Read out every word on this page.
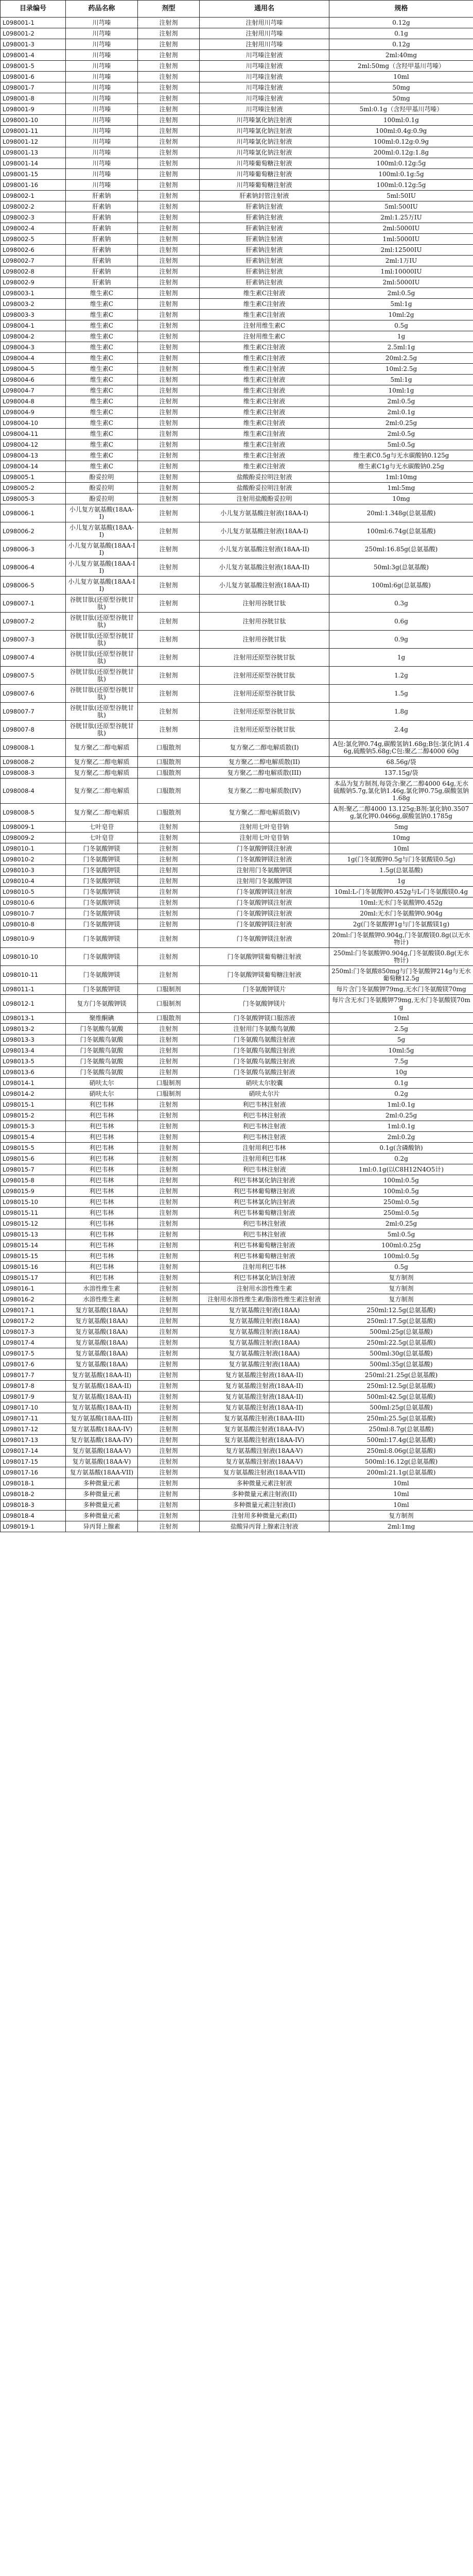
目录编号	药品名称	剂型	通用名	规格
L098001-1	川芎嗪	注射剂	注射用川芎嗪	0.12g
L098001-2	川芎嗪	注射剂	注射用川芎嗪	0.1g
L098001-3	川芎嗪	注射剂	注射用川芎嗪	0.12g
L098001-4	川芎嗪	注射剂	川芎嗪注射液	2ml:40mg
L098001-5	川芎嗪	注射剂	川芎嗪注射液	2ml:50mg（含羟甲基川芎嗪）
L098001-6	川芎嗪	注射剂	川芎嗪注射液	10ml
L098001-7	川芎嗪	注射剂	川芎嗪注射液	50mg
L098001-8	川芎嗪	注射剂	川芎嗪注射液	50mg
L098001-9	川芎嗪	注射剂	川芎嗪注射液	5ml:0.1g（含羟甲基川芎嗪）
L098001-10	川芎嗪	注射剂	川芎嗪氯化钠注射液	100ml:0.1g
L098001-11	川芎嗪	注射剂	川芎嗪氯化钠注射液	100ml:0.4g:0.9g
L098001-12	川芎嗪	注射剂	川芎嗪氯化钠注射液	100ml:0.12g:0.9g
L098001-13	川芎嗪	注射剂	川芎嗪氯化钠注射液	200ml:0.12g:1.8g
L098001-14	川芎嗪	注射剂	川芎嗪葡萄糖注射液	100ml:0.12g:5g
L098001-15	川芎嗪	注射剂	川芎嗪葡萄糖注射液	100ml:0.1g:5g
L098001-16	川芎嗪	注射剂	川芎嗪葡萄糖注射液	100ml:0.12g:5g
L098002-1	肝素钠	注射剂	肝素钠封管注射液	5ml:50IU
L098002-2	肝素钠	注射剂	肝素钠注射液	5ml:500IU
L098002-3	肝素钠	注射剂	肝素钠注射液	2ml:1.25万IU
L098002-4	肝素钠	注射剂	肝素钠注射液	2ml:5000IU
L098002-5	肝素钠	注射剂	肝素钠注射液	1ml:5000IU
L098002-6	肝素钠	注射剂	肝素钠注射液	2ml:12500IU
L098002-7	肝素钠	注射剂	肝素钠注射液	2ml:1万IU
L098002-8	肝素钠	注射剂	肝素钠注射液	1ml:10000IU
L098002-9	肝素钠	注射剂	肝素钠注射液	2ml:5000IU
L098003-1	维生素C	注射剂	维生素C注射液	2ml:0.5g
L098003-2	维生素C	注射剂	维生素C注射液	5ml:1g
L098003-3	维生素C	注射剂	维生素C注射液	10ml:2g
L098004-1	维生素C	注射剂	注射用维生素C	0.5g
L098004-2	维生素C	注射剂	注射用维生素C	1g
L098004-3	维生素C	注射剂	维生素C注射液	2.5ml:1g
L098004-4	维生素C	注射剂	维生素C注射液	20ml:2.5g
L098004-5	维生素C	注射剂	维生素C注射液	10ml:2.5g
L098004-6	维生素C	注射剂	维生素C注射液	5ml:1g
L098004-7	维生素C	注射剂	维生素C注射液	10ml:1g
L098004-8	维生素C	注射剂	维生素C注射液	2ml:0.5g
L098004-9	维生素C	注射剂	维生素C注射液	2ml:0.1g
L098004-10	维生素C	注射剂	维生素C注射液	2ml:0.25g
L098004-11	维生素C	注射剂	维生素C注射液	2ml:0.5g
L098004-12	维生素C	注射剂	维生素C注射液	5ml:0.5g
L098004-13	维生素C	注射剂	维生素C注射液	维生素C0.5g与无水碳酸钠0.125g
L098004-14	维生素C	注射剂	维生素C注射液	维生素C1g与无水碳酸钠0.25g
L098005-1	酚妥拉明	注射剂	盐酸酚妥拉明注射液	1ml:10mg
L098005-2	酚妥拉明	注射剂	盐酸酚妥拉明注射液	1ml:5mg
L098005-3	酚妥拉明	注射剂	注射用盐酸酚妥拉明	10mg
L098006-1	小儿复方氨基酸(18AA-I)	注射剂	小儿复方氨基酸注射液(18AA-I)	20ml:1.348g(总氨基酸)
L098006-2	小儿复方氨基酸(18AA-I)	注射剂	小儿复方氨基酸注射液(18AA-I)	100ml:6.74g(总氨基酸)
L098006-3	小儿复方氨基酸(18AA-II)	注射剂	小儿复方氨基酸注射液(18AA-II)	250ml:16.85g(总氨基酸)
L098006-4	小儿复方氨基酸(18AA-II)	注射剂	小儿复方氨基酸注射液(18AA-II)	50ml:3g(总氨基酸)
L098006-5	小儿复方氨基酸(18AA-II)	注射剂	小儿复方氨基酸注射液(18AA-II)	100ml:6g(总氨基酸)
L098007-1	谷胱甘肽(还原型谷胱甘肽)	注射剂	注射用谷胱甘肽	0.3g
L098007-2	谷胱甘肽(还原型谷胱甘肽)	注射剂	注射用谷胱甘肽	0.6g
L098007-3	谷胱甘肽(还原型谷胱甘肽)	注射剂	注射用谷胱甘肽	0.9g
L098007-4	谷胱甘肽(还原型谷胱甘肽)	注射剂	注射用还原型谷胱甘肽	1g
L098007-5	谷胱甘肽(还原型谷胱甘肽)	注射剂	注射用还原型谷胱甘肽	1.2g
L098007-6	谷胱甘肽(还原型谷胱甘肽)	注射剂	注射用还原型谷胱甘肽	1.5g
L098007-7	谷胱甘肽(还原型谷胱甘肽)	注射剂	注射用还原型谷胱甘肽	1.8g
L098007-8	谷胱甘肽(还原型谷胱甘肽)	注射剂	注射用还原型谷胱甘肽	2.4g
L098008-1	复方聚乙二醇电解质	口服散剂	复方聚乙二醇电解质散(I)	A包:氯化钾0.74g,碳酸氢钠1.68g;B包:氯化钠1.46g,硫酸钠5.68g;C包:聚乙二醇4000 60g
L098008-2	复方聚乙二醇电解质	口服散剂	复方聚乙二醇电解质散(II)	68.56g/袋
L098008-3	复方聚乙二醇电解质	口服散剂	复方聚乙二醇电解质散(III)	137.15g/袋
L098008-4	复方聚乙二醇电解质	口服散剂	复方聚乙二醇电解质散(IV)	本品为复方制剂,每袋含:聚乙二醇4000 64g,无水硫酸钠5.7g,氯化钠1.46g,氯化钾0.75g,碳酸氢钠1.68g
L098008-5	复方聚乙二醇电解质	口服散剂	复方聚乙二醇电解质散(V)	A剂:聚乙二醇4000 13.125g;B剂:氯化钠0.3507g,氯化钾0.0466g,碳酸氢钠0.1785g
L098009-1	七叶皂苷	注射剂	注射用七叶皂苷钠	5mg
L098009-2	七叶皂苷	注射剂	注射用七叶皂苷钠	10mg
L098010-1	门冬氨酸钾镁	注射剂	门冬氨酸钾镁注射液	10ml
L098010-2	门冬氨酸钾镁	注射剂	门冬氨酸钾镁注射液	1g(门冬氨酸钾0.5g与门冬氨酸镁0.5g)
L098010-3	门冬氨酸钾镁	注射剂	注射用门冬氨酸钾镁	1.5g(总氨基酸)
L098010-4	门冬氨酸钾镁	注射剂	注射用门冬氨酸钾镁	1g
L098010-5	门冬氨酸钾镁	注射剂	门冬氨酸钾镁注射液	10ml:L-门冬氨酸钾0.452g与L-门冬氨酸镁0.4g
L098010-6	门冬氨酸钾镁	注射剂	门冬氨酸钾镁注射液	10ml:无水门冬氨酸钾0.452g
L098010-7	门冬氨酸钾镁	注射剂	门冬氨酸钾镁注射液	20ml:无水门冬氨酸钾0.904g
L098010-8	门冬氨酸钾镁	注射剂	门冬氨酸钾镁注射液	2g(门冬氨酸钾1g与门冬氨酸镁1g)
L098010-9	门冬氨酸钾镁	注射剂	门冬氨酸钾镁注射液	20ml:门冬氨酸钾0.904g,门冬氨酸镁0.8g(以无水物计)
L098010-10	门冬氨酸钾镁	注射剂	门冬氨酸钾镁葡萄糖注射液	250ml:门冬氨酸钾0.904g,门冬氨酸镁0.8g(无水物计)
L098010-11	门冬氨酸钾镁	注射剂	门冬氨酸钾镁葡萄糖注射液	250ml:门冬氨酸850mg与门冬氨酸钾214g与无水葡萄糖12.5g
L098011-1	门冬氨酸钾镁	口服制剂	门冬氨酸钾镁片	每片含门冬氨酸钾79mg,无水门冬氨酸镁70mg
L098012-1	复方门冬氨酸钾镁	口服制剂	门冬氨酸钾镁片	每片含无水门冬氨酸钾79mg,无水门冬氨酸镁70mg
L098013-1	聚维酮碘	口服散剂	门冬氨酸钾镁口服溶液	10ml
L098013-2	门冬氨酸鸟氨酸	注射剂	注射用门冬氨酸鸟氨酸	2.5g
L098013-3	门冬氨酸鸟氨酸	注射剂	门冬氨酸鸟氨酸注射液	5g
L098013-4	门冬氨酸鸟氨酸	注射剂	门冬氨酸鸟氨酸注射液	10ml:5g
L098013-5	门冬氨酸鸟氨酸	注射剂	门冬氨酸鸟氨酸注射液	7.5g
L098013-6	门冬氨酸鸟氨酸	注射剂	门冬氨酸鸟氨酸注射液	10g
L098014-1	硝呋太尔	口服制剂	硝呋太尔胶囊	0.1g
L098014-2	硝呋太尔	口服制剂	硝呋太尔片	0.2g
L098015-1	利巴韦林	注射剂	利巴韦林注射液	1ml:0.1g
L098015-2	利巴韦林	注射剂	利巴韦林注射液	2ml:0.25g
L098015-3	利巴韦林	注射剂	利巴韦林注射液	1ml:0.1g
L098015-4	利巴韦林	注射剂	利巴韦林注射液	2ml:0.2g
L098015-5	利巴韦林	注射剂	注射用利巴韦林	0.1g(含磷酸钠)
L098015-6	利巴韦林	注射剂	注射用利巴韦林	0.2g
L098015-7	利巴韦林	注射剂	利巴韦林注射液	1ml:0.1g(以C8H12N4O5计)
L098015-8	利巴韦林	注射剂	利巴韦林氯化钠注射液	100ml:0.5g
L098015-9	利巴韦林	注射剂	利巴韦林葡萄糖注射液	100ml:0.5g
L098015-10	利巴韦林	注射剂	利巴韦林氯化钠注射液	250ml:0.5g
L098015-11	利巴韦林	注射剂	利巴韦林葡萄糖注射液	250ml:0.5g
L098015-12	利巴韦林	注射剂	利巴韦林注射液	2ml:0.25g
L098015-13	利巴韦林	注射剂	利巴韦林注射液	5ml:0.5g
L098015-14	利巴韦林	注射剂	利巴韦林葡萄糖注射液	100ml:0.25g
L098015-15	利巴韦林	注射剂	利巴韦林葡萄糖注射液	100ml:0.5g
L098015-16	利巴韦林	注射剂	注射用利巴韦林	0.5g
L098015-17	利巴韦林	注射剂	利巴韦林氯化钠注射液	复方制剂
L098016-1	水溶性维生素	注射剂	注射用水溶性维生素	复方制剂
L098016-2	水溶性维生素	注射剂	注射用水溶性维生素/脂溶性维生素注射液	复方制剂
L098017-1	复方氨基酸(18AA)	注射剂	复方氨基酸注射液(18AA)	250ml:12.5g(总氨基酸)
L098017-2	复方氨基酸(18AA)	注射剂	复方氨基酸注射液(18AA)	250ml:17.5g(总氨基酸)
L098017-3	复方氨基酸(18AA)	注射剂	复方氨基酸注射液(18AA)	500ml:25g(总氨基酸)
L098017-4	复方氨基酸(18AA)	注射剂	复方氨基酸注射液(18AA)	250ml:22.5g(总氨基酸)
L098017-5	复方氨基酸(18AA)	注射剂	复方氨基酸注射液(18AA)	500ml:30g(总氨基酸)
L098017-6	复方氨基酸(18AA)	注射剂	复方氨基酸注射液(18AA)	500ml:35g(总氨基酸)
L098017-7	复方氨基酸(18AA-II)	注射剂	复方氨基酸注射液(18AA-II)	250ml:21.25g(总氨基酸)
L098017-8	复方氨基酸(18AA-II)	注射剂	复方氨基酸注射液(18AA-II)	250ml:12.5g(总氨基酸)
L098017-9	复方氨基酸(18AA-II)	注射剂	复方氨基酸注射液(18AA-II)	500ml:42.5g(总氨基酸)
L098017-10	复方氨基酸(18AA-II)	注射剂	复方氨基酸注射液(18AA-II)	500ml:25g(总氨基酸)
L098017-11	复方氨基酸(18AA-III)	注射剂	复方氨基酸注射液(18AA-III)	250ml:25.5g(总氨基酸)
L098017-12	复方氨基酸(18AA-IV)	注射剂	复方氨基酸注射液(18AA-IV)	250ml:8.7g(总氨基酸)
L098017-13	复方氨基酸(18AA-IV)	注射剂	复方氨基酸注射液(18AA-IV)	500ml:17.4g(总氨基酸)
L098017-14	复方氨基酸(18AA-V)	注射剂	复方氨基酸注射液(18AA-V)	250ml:8.06g(总氨基酸)
L098017-15	复方氨基酸(18AA-V)	注射剂	复方氨基酸注射液(18AA-V)	500ml:16.12g(总氨基酸)
L098017-16	复方氨基酸(18AA-VII)	注射剂	复方氨基酸注射液(18AA-VII)	200ml:21.1g(总氨基酸)
L098018-1	多种微量元素	注射剂	多种微量元素注射液	10ml
L098018-2	多种微量元素	注射剂	多种微量元素注射液(II)	10ml
L098018-3	多种微量元素	注射剂	多种微量元素注射液(I)	10ml
L098018-4	多种微量元素	注射剂	注射用多种微量元素(II)	复方制剂
L098019-1	异丙肾上腺素	注射剂	盐酸异丙肾上腺素注射液	2ml:1mg
